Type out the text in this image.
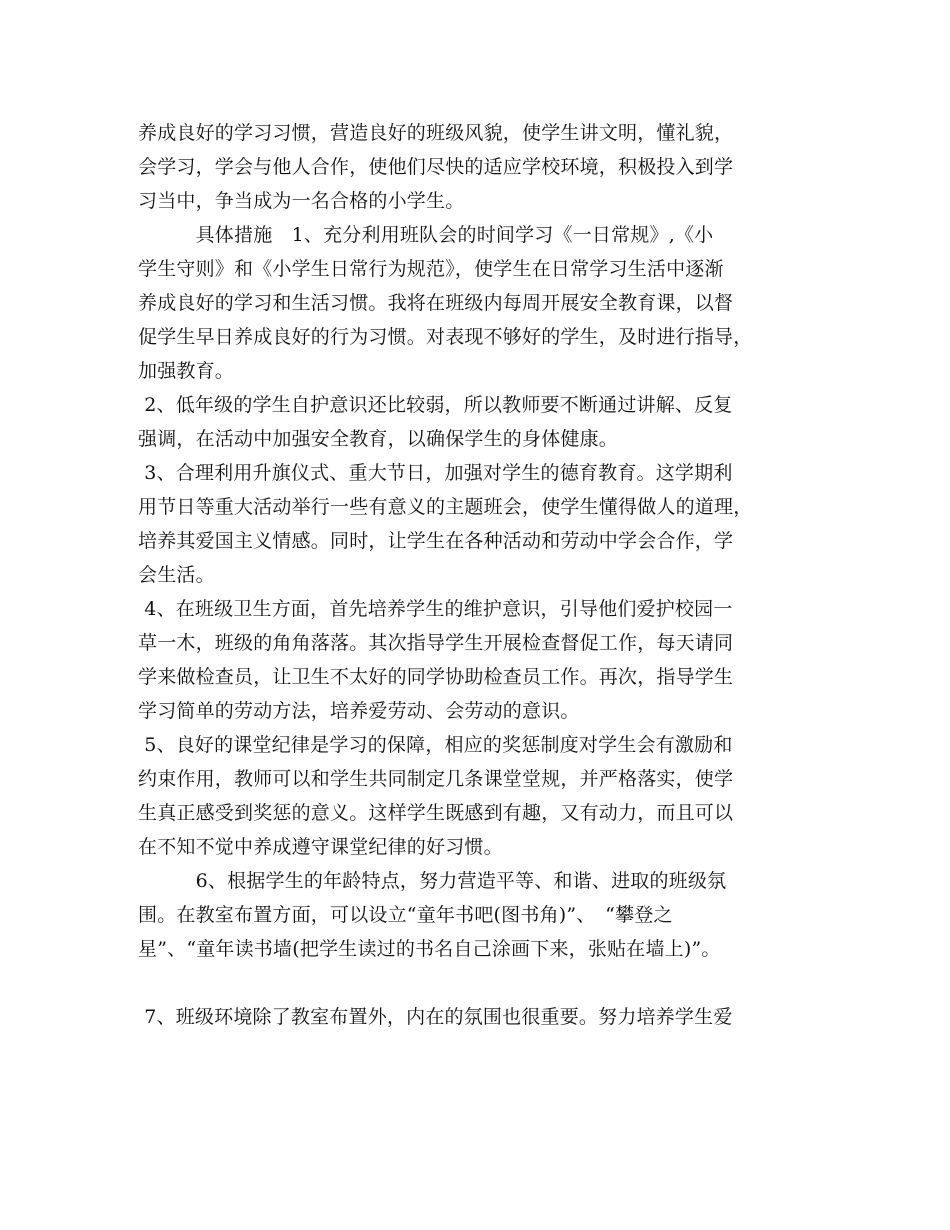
养成良好的学习习惯，营造良好的班级风貌，使学生讲文明，懂礼貌，
会学习，学会与他人合作，使他们尽快的适应学校环境，积极投入到学
习当中，争当成为一名合格的小学生。
　　　具体措施　1、充分利用班队会的时间学习《一日常规》,《小
学生守则》和《小学生日常行为规范》，使学生在日常学习生活中逐渐
养成良好的学习和生活习惯。我将在班级内每周开展安全教育课，以督
促学生早日养成良好的行为习惯。对表现不够好的学生，及时进行指导，
加强教育。
2、低年级的学生自护意识还比较弱，所以教师要不断通过讲解、反复
强调，在活动中加强安全教育，以确保学生的身体健康。
3、合理利用升旗仪式、重大节日，加强对学生的德育教育。这学期利
用节日等重大活动举行一些有意义的主题班会，使学生懂得做人的道理，
培养其爱国主义情感。同时，让学生在各种活动和劳动中学会合作，学
会生活。
4、在班级卫生方面，首先培养学生的维护意识，引导他们爱护校园一
草一木，班级的角角落落。其次指导学生开展检查督促工作，每天请同
学来做检查员，让卫生不太好的同学协助检查员工作。再次，指导学生
学习简单的劳动方法，培养爱劳动、会劳动的意识。
5、良好的课堂纪律是学习的保障，相应的奖惩制度对学生会有激励和
约束作用，教师可以和学生共同制定几条课堂堂规，并严格落实，使学
生真正感受到奖惩的意义。这样学生既感到有趣，又有动力，而且可以
在不知不觉中养成遵守课堂纪律的好习惯。
　　　6、根据学生的年龄特点，努力营造平等、和谐、进取的班级氛
围。在教室布置方面，可以设立“童年书吧(图书角)”、　“攀登之
星”、“童年读书墙(把学生读过的书名自己涂画下来，张贴在墙上)”。
7、班级环境除了教室布置外，内在的氛围也很重要。努力培养学生爱
